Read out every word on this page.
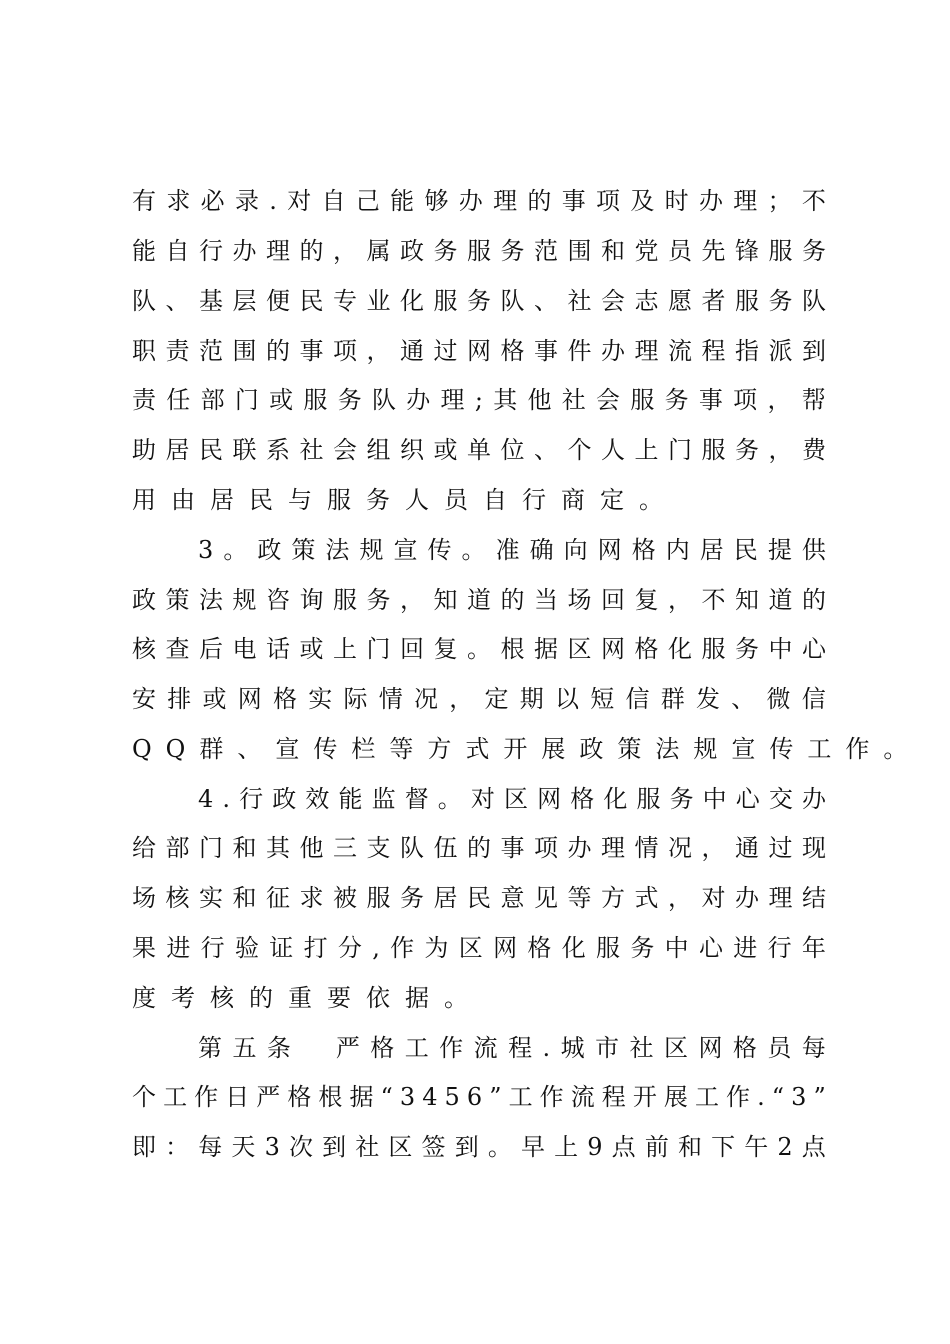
有 求 必 录 . 对 自 己 能 够 办 理 的 事 项 及 时 办 理 ； 不
能 自 行 办 理 的 ， 属 政 务 服 务 范 围 和 党 员 先 锋 服 务
队 、 基 层 便 民 专 业 化 服 务 队 、 社 会 志 愿 者 服 务 队
职 责 范 围 的 事 项 ， 通 过 网 格 事 件 办 理 流 程 指 派 到
责 任 部 门 或 服 务 队 办 理 ; 其 他 社 会 服 务 事 项 ， 帮
助 居 民 联 系 社 会 组 织 或 单 位 、 个 人 上 门 服 务 ， 费
用由居民与服务人员自行商定。
3 。 政 策 法 规 宣 传 。 准 确 向 网 格 内 居 民 提 供
政 策 法 规 咨 询 服 务 ， 知 道 的 当 场 回 复 ， 不 知 道 的
核 查 后 电 话 或 上 门 回 复 。 根 据 区 网 格 化 服 务 中 心
安 排 或 网 格 实 际 情 况 ， 定 期 以 短 信 群 发 、 微 信
QQ群、宣传栏等方式开展政策法规宣传工作。
4 . 行 政 效 能 监 督 。 对 区 网 格 化 服 务 中 心 交 办
给 部 门 和 其 他 三 支 队 伍 的 事 项 办 理 情 况 ， 通 过 现
场 核 实 和 征 求 被 服 务 居 民 意 见 等 方 式 ， 对 办 理 结
果 进 行 验 证 打 分 , 作 为 区 网 格 化 服 务 中 心 进 行 年
度考核的重要依据。
第 五 条　 严 格 工 作 流 程 . 城 市 社 区 网 格 员 每
个 工 作 日 严 格 根 据 “ 3 4 5 6 ” 工 作 流 程 开 展 工 作 . “ 3 ”
即 ： 每 天 3 次 到 社 区 签 到 。 早 上 9 点 前 和 下 午 2 点
